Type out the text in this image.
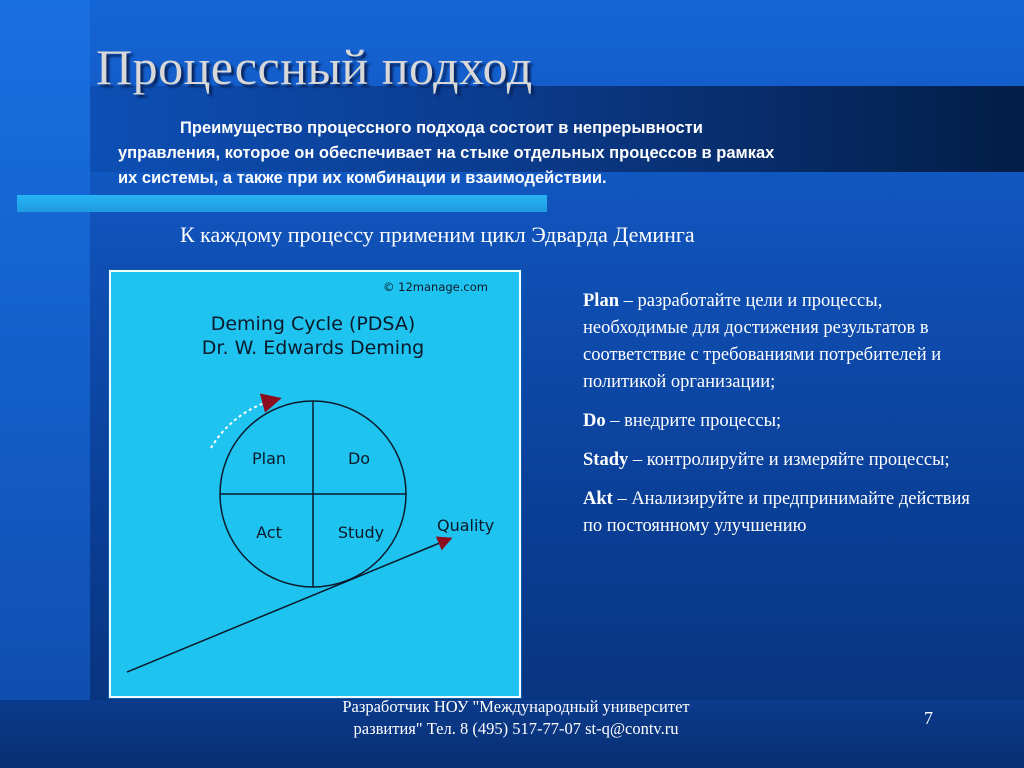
Процессный подход
Преимущество процессного подхода состоит в непрерывности
управления, которое он обеспечивает на стыке отдельных процессов в рамках
их системы, а также при их комбинации и взаимодействии.
К каждому процессу применим цикл Эдварда Деминга
© 12manage.com
Deming Cycle (PDSA)
Dr. W. Edwards Deming
Plan	Do
Act	Study	Quality
Plan – разработайте цели и процессы, необходимые для достижения результатов в соответствие с требованиями потребителей и политикой организации;
Do – внедрите процессы;
Stady – контролируйте и измеряйте процессы;
Akt – Анализируйте и предпринимайте действия по постоянному улучшению
Разработчик НОУ "Международный университет
развития" Тел. 8 (495) 517-77-07 st-q@contv.ru
7
